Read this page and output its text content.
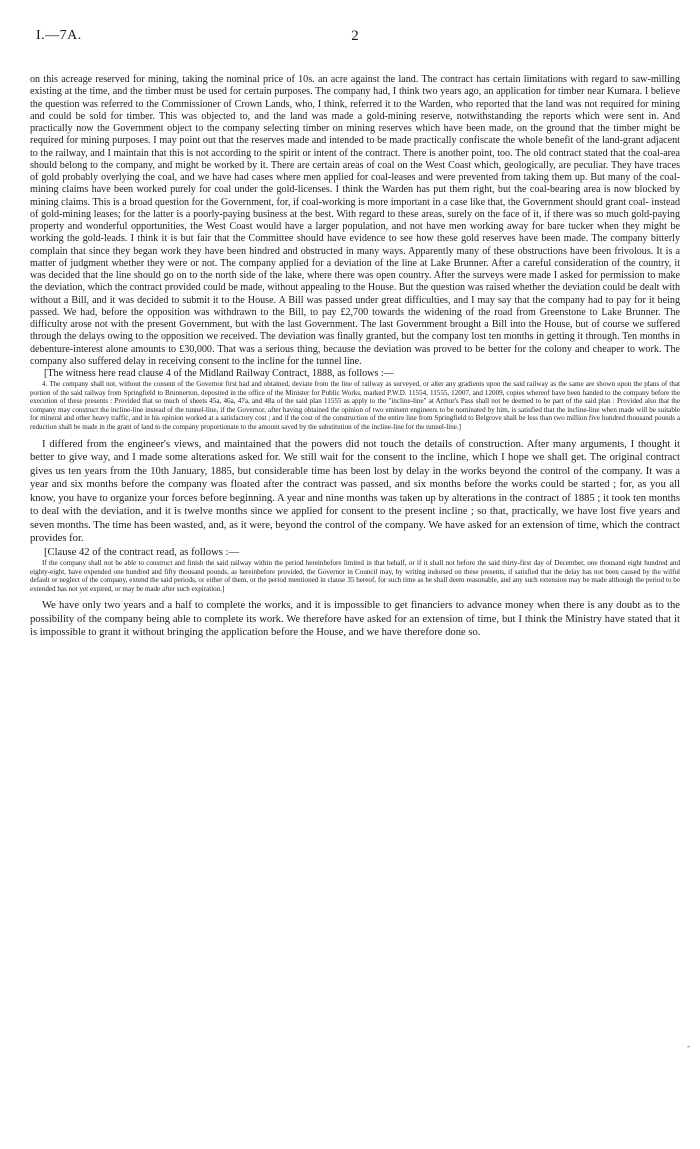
I.—7A.	2

on this acreage reserved for mining, taking the nominal price of 10s. an acre against the land. The contract has certain limitations with regard to saw-milling existing at the time, and the timber must be used for certain purposes. The company had, I think two years ago, an application for timber near Kumara. I believe the question was referred to the Commissioner of Crown Lands, who, I think, referred it to the Warden, who reported that the land was not required for mining and could be sold for timber. This was objected to, and the land was made a gold-mining reserve, notwithstanding the reports which were sent in. And practically now the Government object to the company selecting timber on mining reserves which have been made, on the ground that the timber might be required for mining purposes. I may point out that the reserves made and intended to be made practically confiscate the whole benefit of the land-grant adjacent to the railway, and I maintain that this is not according to the spirit or intent of the contract. There is another point, too. The old contract stated that the coal-area should belong to the company, and might be worked by it. There are certain areas of coal on the West Coast which, geologically, are peculiar. They have traces of gold probably overlying the coal, and we have had cases where men applied for coal-leases and were prevented from taking them up. But many of the coal-mining claims have been worked purely for coal under the gold-licenses. I think the Warden has put them right, but the coal-bearing area is now blocked by mining claims. This is a broad question for the Government, for, if coal-working is more important in a case like that, the Government should grant coal- instead of gold-mining leases; for the latter is a poorly-paying business at the best. With regard to these areas, surely on the face of it, if there was so much gold-paying property and wonderful opportunities, the West Coast would have a larger population, and not have men working away for bare tucker when they might be working the gold-leads. I think it is but fair that the Committee should have evidence to see how these gold reserves have been made. The company bitterly complain that since they began work they have been hindred and obstructed in many ways. Apparently many of these obstructions have been frivolous. It is a matter of judgment whether they were or not. The company applied for a deviation of the line at Lake Brunner. After a careful consideration of the country, it was decided that the line should go on to the north side of the lake, where there was open country. After the surveys were made I asked for permission to make the deviation, which the contract provided could be made, without appealing to the House. But the question was raised whether the deviation could be dealt with without a Bill, and it was decided to submit it to the House. A Bill was passed under great difficulties, and I may say that the company had to pay for it being passed. We had, before the opposition was withdrawn to the Bill, to pay £2,700 towards the widening of the road from Greenstone to Lake Brunner. The difficulty arose not with the present Government, but with the last Government. The last Government brought a Bill into the House, but of course we suffered through the delays owing to the opposition we received. The deviation was finally granted, but the company lost ten months in getting it through. Ten months in debenture-interest alone amounts to £30,000. That was a serious thing, because the deviation was proved to be better for the colony and cheaper to work. The company also suffered delay in receiving consent to the incline for the tunnel line.

[The witness here read clause 4 of the Midland Railway Contract, 1888, as follows :—

4. The company shall not, without the consent of the Governor first had and obtained, deviate from the line of railway as surveyed, or alter any gradients upon the said railway as the same are shown upon the plans of that portion of the said railway from Springfield to Brunnerton, deposited in the office of the Minister for Public Works, marked P.W.D. 11554, 11555, 12007, and 12009, copies whereof have been handed to the company before the execution of these presents : Provided that so much of sheets 45a, 46a, 47a, and 48a of the said plan 11555 as apply to the "incline-line" at Arthur's Pass shall not be deemed to be part of the said plan : Provided also that the company may construct the incline-line instead of the tunnel-line, if the Governor, after having obtained the opinion of two eminent engineers to be nominated by him, is satisfied that the incline-line when made will be suitable for mineral and other heavy traffic, and in his opinion worked at a satisfactory cost ; and if the cost of the construction of the entire line from Springfield to Belgrove shall be less than two million five hundred thousand pounds a reduction shall be made in the grant of land to the company proportionate to the amount saved by the substitution of the incline-line for the tunnel-line.]

I differed from the engineer's views, and maintained that the powers did not touch the details of construction. After many arguments, I thought it better to give way, and I made some alterations asked for. We still wait for the consent to the incline, which I hope we shall get. The original contract gives us ten years from the 10th January, 1885, but considerable time has been lost by delay in the works beyond the control of the company. It was a year and six months before the company was floated after the contract was passed, and six months before the works could be started ; for, as you all know, you have to organize your forces before beginning. A year and nine months was taken up by alterations in the contract of 1885 ; it took ten months to deal with the deviation, and it is twelve months since we applied for consent to the present incline ; so that, practically, we have lost five years and seven months. The time has been wasted, and, as it were, beyond the control of the company. We have asked for an extension of time, which the contract provides for.

[Clause 42 of the contract read, as follows :—

If the company shall not be able to construct and finish the said railway within the period hereinbefore limited in that behalf, or if it shall not before the said thirty-first day of December, one thousand eight hundred and eighty-eight, have expended one hundred and fifty thousand pounds, as hereinbefore provided, the Governor in Council may, by writing indorsed on these presents, if satisfied that the delay has not been caused by the wilful default or neglect of the company, extend the said periods, or either of them, or the period mentioned in clause 35 hereof, for such time as he shall deem reasonable, and any such extension may be made although the period to be extended has not yet expired, or may be made after such expiration.]

We have only two years and a half to complete the works, and it is impossible to get financiers to advance money when there is any doubt as to the possibility of the company being able to complete its work. We therefore have asked for an extension of time, but I think the Ministry have stated that it is impossible to grant it without bringing the application before the House, and we have therefore done so.

-
